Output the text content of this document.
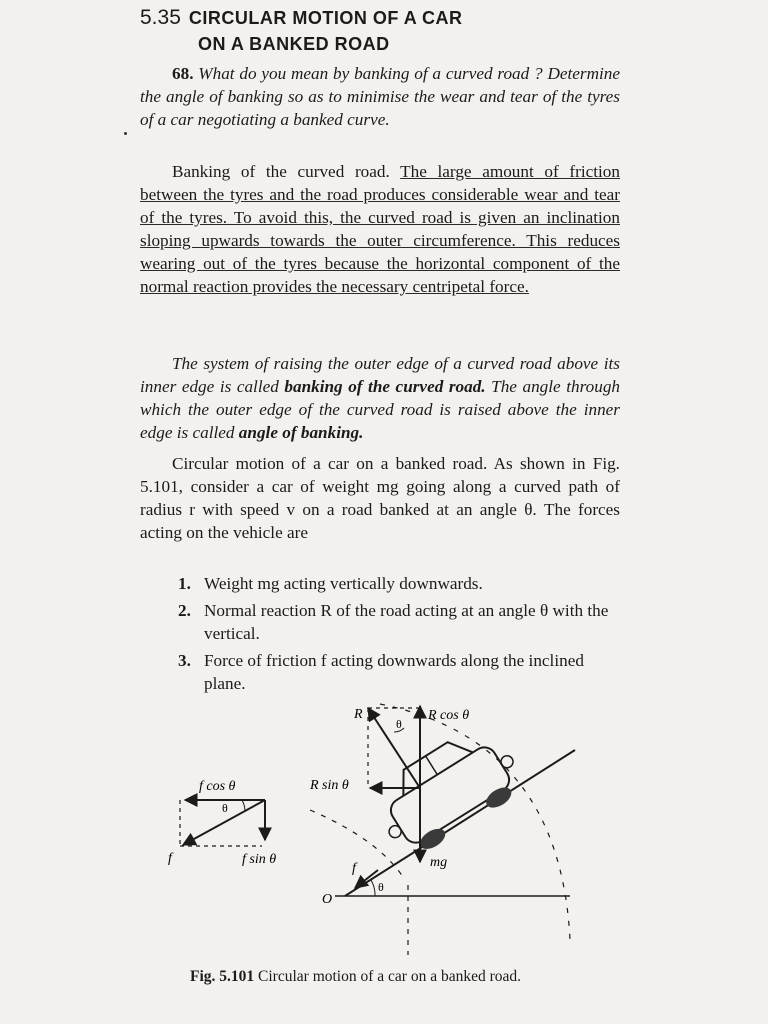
5.35 CIRCULAR MOTION OF A CAR
ON A BANKED ROAD
68. What do you mean by banking of a curved road ? Determine the angle of banking so as to minimise the wear and tear of the tyres of a car negotiating a banked curve.
Banking of the curved road. The large amount of friction between the tyres and the road produces considerable wear and tear of the tyres. To avoid this, the curved road is given an inclination sloping upwards towards the outer circumference. This reduces wearing out of the tyres because the horizontal component of the normal reaction provides the necessary centripetal force.
The system of raising the outer edge of a curved road above its inner edge is called banking of the curved road. The angle through which the outer edge of the curved road is raised above the inner edge is called angle of banking.
Circular motion of a car on a banked road. As shown in Fig. 5.101, consider a car of weight mg going along a curved path of radius r with speed v on a road banked at an angle θ. The forces acting on the vehicle are
1. Weight mg acting vertically downwards.
2. Normal reaction R of the road acting at an angle θ with the vertical.
3. Force of friction f acting downwards along the inclined plane.
f cos θ
θ
f	f sin θ
R	R cos θ
θ
R sin θ
mg
f
θ
O
Fig. 5.101 Circular motion of a car on a banked road.
